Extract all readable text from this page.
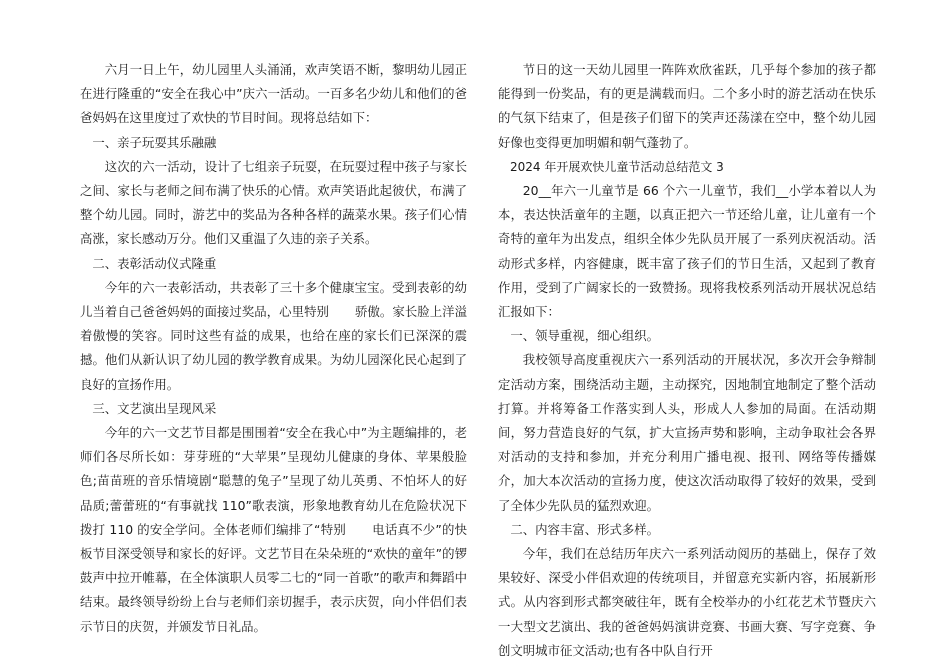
六月一日上午，幼儿园里人头涌涌，欢声笑语不断，黎明幼儿园正在进行隆重的“安全在我心中”庆六一活动。一百多名少幼儿和他们的爸爸妈妈在这里度过了欢快的节目时间。现将总结如下：

一、亲子玩耍其乐融融

这次的六一活动，设计了七组亲子玩耍，在玩耍过程中孩子与家长之间、家长与老师之间布满了快乐的心情。欢声笑语此起彼伏，布满了整个幼儿园。同时，游艺中的奖品为各种各样的蔬菜水果。孩子们心情高涨，家长感动万分。他们又重温了久违的亲子关系。

二、表彰活动仪式隆重

今年的六一表彰活动，共表彰了三十多个健康宝宝。受到表彰的幼儿当着自己爸爸妈妈的面接过奖品，心里特别 骄傲。家长脸上洋溢着傲慢的笑容。同时这些有益的成果，也给在座的家长们已深深的震撼。他们从新认识了幼儿园的教学教育成果。为幼儿园深化民心起到了良好的宣扬作用。

三、文艺演出呈现风采

今年的六一文艺节目都是围围着“安全在我心中”为主题编排的，老师们各尽所长如：芽芽班的“大苹果”呈现幼儿健康的身体、苹果般脸色;苗苗班的音乐情境剧“聪慧的兔子”呈现了幼儿英勇、不怕坏人的好品质;蕾蕾班的“有事就找 110”歌表演，形象地教育幼儿在危险状况下拨打 110 的安全学问。全体老师们编排了“特别 电话真不少”的快板节目深受领导和家长的好评。文艺节目在朵朵班的“欢快的童年”的锣鼓声中拉开帷幕，在全体演职人员零二七的“同一首歌”的歌声和舞蹈中结束。最终领导纷纷上台与老师们亲切握手，表示庆贺，向小伴侣们表示节日的庆贺，并颁发节日礼品。

节日的这一天幼儿园里一阵阵欢欣雀跃，几乎每个参加的孩子都能得到一份奖品，有的更是满载而归。二个多小时的游艺活动在快乐的气氛下结束了，但是孩子们留下的笑声还荡漾在空中，整个幼儿园好像也变得更加明媚和朝气蓬勃了。

2024 年开展欢快儿童节活动总结范文 3

20__年六一儿童节是 66 个六一儿童节，我们__小学本着以人为本，表达快活童年的主题，以真正把六一节还给儿童，让儿童有一个奇特的童年为出发点，组织全体少先队员开展了一系列庆祝活动。活动形式多样，内容健康，既丰富了孩子们的节日生活，又起到了教育作用，受到了广阔家长的一致赞扬。现将我校系列活动开展状况总结汇报如下：

一、领导重视，细心组织。

我校领导高度重视庆六一系列活动的开展状况，多次开会争辩制定活动方案，围绕活动主题，主动探究，因地制宜地制定了整个活动打算。并将筹备工作落实到人头，形成人人参加的局面。在活动期间，努力营造良好的气氛，扩大宣扬声势和影响，主动争取社会各界对活动的支持和参加，并充分利用广播电视、报刊、网络等传播媒介，加大本次活动的宣扬力度，使这次活动取得了较好的效果，受到了全体少先队员的猛烈欢迎。

二、内容丰富、形式多样。

今年，我们在总结历年庆六一系列活动阅历的基础上，保存了效果较好、深受小伴侣欢迎的传统项目，并留意充实新内容，拓展新形式。从内容到形式都突破往年，既有全校举办的小红花艺术节暨庆六一大型文艺演出、我的爸爸妈妈演讲竞赛、书画大赛、写字竞赛、争创文明城市征文活动;也有各中队自行开
